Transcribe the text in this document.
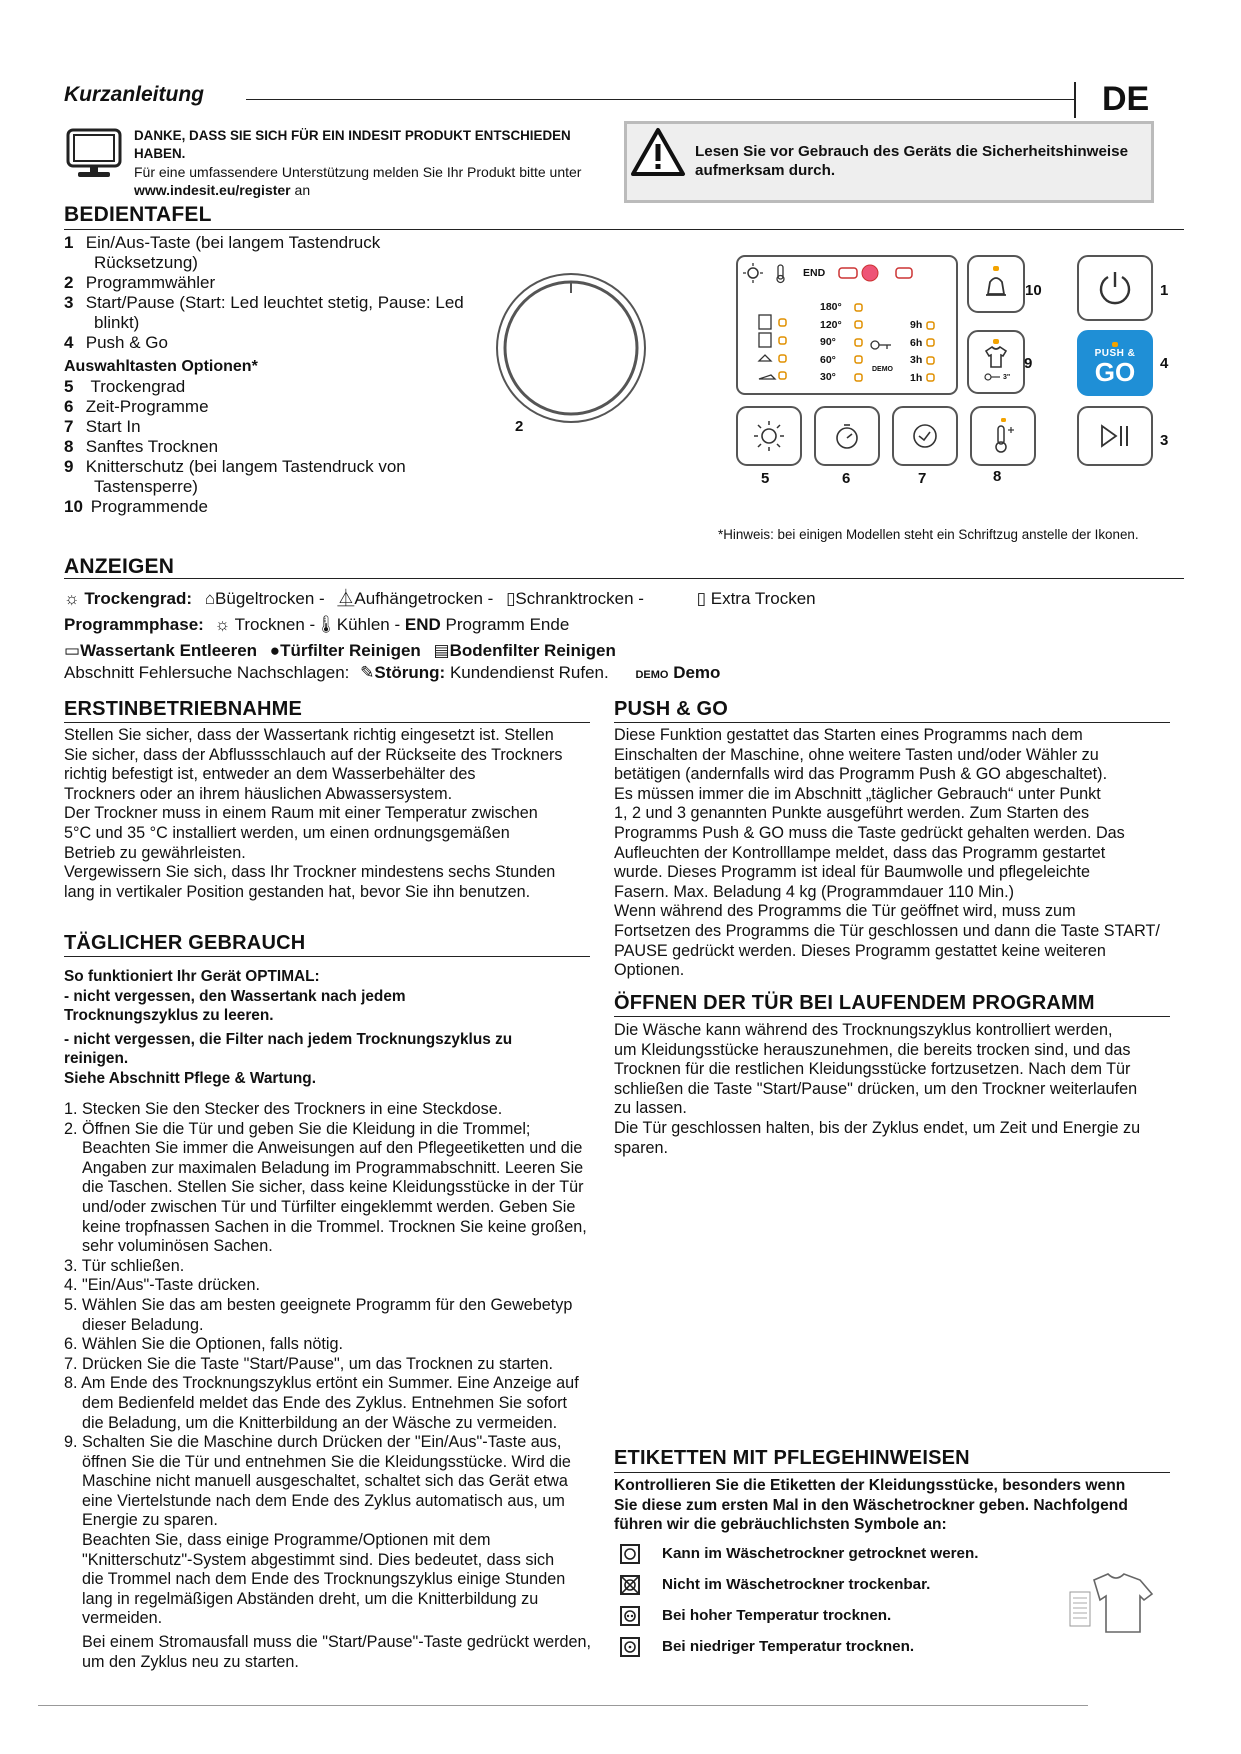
Kurzanleitung	DE
DANKE, DASS SIE SICH FÜR EIN INDESIT PRODUKT ENTSCHIEDEN HABEN.
Für eine umfassendere Unterstützung melden Sie Ihr Produkt bitte unter www.indesit.eu/register an
Lesen Sie vor Gebrauch des Geräts die Sicherheitshinweise aufmerksam durch.
BEDIENTAFEL
1 Ein/Aus-Taste (bei langem Tastendruck
Rücksetzung)
2 Programmwähler
3 Start/Pause (Start: Led leuchtet stetig, Pause: Led
blinkt)
4 Push & Go
Auswahltasten Optionen*
5 Trockengrad
6 Zeit-Programme
7 Start In
8 Sanftes Trocknen
9 Knitterschutz (bei langem Tastendruck von
Tastensperre)
10 Programmende
2
END
180°
120°
90°
60°
30°
DEMO
9h
6h
3h
1h
10	1
3"
9
PUSH &
GO 4
3
5	6	7	8
*Hinweis: bei einigen Modellen steht ein Schriftzug anstelle der Ikonen.
ANZEIGEN
☼ Trockengrad: ⌂Bügeltrocken - ⏅Aufhängetrocken - ▯Schranktrocken -	▯ Extra Trocken
Programmphase: ☼ Trocknen -🌡Kühlen - END Programm Ende
▭Wassertank Entleeren ●Türfilter Reinigen ▤Bodenfilter Reinigen
Abschnitt Fehlersuche Nachschlagen: ✎Störung: Kundendienst Rufen. DEMO Demo
ERSTINBETRIEBNAHME
Stellen Sie sicher, dass der Wassertank richtig eingesetzt ist. Stellen
Sie sicher, dass der Abflussschlauch auf der Rückseite des Trockners
richtig befestigt ist, entweder an dem Wasserbehälter des
Trockners oder an ihrem häuslichen Abwassersystem.
Der Trockner muss in einem Raum mit einer Temperatur zwischen
5°C und 35 °C installiert werden, um einen ordnungsgemäßen
Betrieb zu gewährleisten.
Vergewissern Sie sich, dass Ihr Trockner mindestens sechs Stunden
lang in vertikaler Position gestanden hat, bevor Sie ihn benutzen.
TÄGLICHER GEBRAUCH
So funktioniert Ihr Gerät OPTIMAL:
- nicht vergessen, den Wassertank nach jedem
Trocknungszyklus zu leeren.
- nicht vergessen, die Filter nach jedem Trocknungszyklus zu
reinigen.
Siehe Abschnitt Pflege & Wartung.
1. Stecken Sie den Stecker des Trockners in eine Steckdose.
2. Öffnen Sie die Tür und geben Sie die Kleidung in die Trommel;
Beachten Sie immer die Anweisungen auf den Pflegeetiketten und die
Angaben zur maximalen Beladung im Programmabschnitt. Leeren Sie
die Taschen. Stellen Sie sicher, dass keine Kleidungsstücke in der Tür
und/oder zwischen Tür und Türfilter eingeklemmt werden. Geben Sie
keine tropfnassen Sachen in die Trommel. Trocknen Sie keine großen,
sehr voluminösen Sachen.
3. Tür schließen.
4. "Ein/Aus"-Taste drücken.
5. Wählen Sie das am besten geeignete Programm für den Gewebetyp
dieser Beladung.
6. Wählen Sie die Optionen, falls nötig.
7. Drücken Sie die Taste "Start/Pause", um das Trocknen zu starten.
8. Am Ende des Trocknungszyklus ertönt ein Summer. Eine Anzeige auf
dem Bedienfeld meldet das Ende des Zyklus. Entnehmen Sie sofort
die Beladung, um die Knitterbildung an der Wäsche zu vermeiden.
9. Schalten Sie die Maschine durch Drücken der "Ein/Aus"-Taste aus,
öffnen Sie die Tür und entnehmen Sie die Kleidungsstücke. Wird die
Maschine nicht manuell ausgeschaltet, schaltet sich das Gerät etwa
eine Viertelstunde nach dem Ende des Zyklus automatisch aus, um
Energie zu sparen.
Beachten Sie, dass einige Programme/Optionen mit dem
"Knitterschutz"-System abgestimmt sind. Dies bedeutet, dass sich
die Trommel nach dem Ende des Trocknungszyklus einige Stunden
lang in regelmäßigen Abständen dreht, um die Knitterbildung zu
vermeiden.
Bei einem Stromausfall muss die "Start/Pause"-Taste gedrückt werden,
um den Zyklus neu zu starten.
PUSH & GO
Diese Funktion gestattet das Starten eines Programms nach dem
Einschalten der Maschine, ohne weitere Tasten und/oder Wähler zu
betätigen (andernfalls wird das Programm Push & GO abgeschaltet).
Es müssen immer die im Abschnitt „täglicher Gebrauch“ unter Punkt
1, 2 und 3 genannten Punkte ausgeführt werden. Zum Starten des
Programms Push & GO muss die Taste gedrückt gehalten werden. Das
Aufleuchten der Kontrolllampe meldet, dass das Programm gestartet
wurde. Dieses Programm ist ideal für Baumwolle und pflegeleichte
Fasern. Max. Beladung 4 kg (Programmdauer 110 Min.)
Wenn während des Programms die Tür geöffnet wird, muss zum
Fortsetzen des Programms die Tür geschlossen und dann die Taste START/
PAUSE gedrückt werden. Dieses Programm gestattet keine weiteren
Optionen.
ÖFFNEN DER TÜR BEI LAUFENDEM PROGRAMM
Die Wäsche kann während des Trocknungszyklus kontrolliert werden,
um Kleidungsstücke herauszunehmen, die bereits trocken sind, und das
Trocknen für die restlichen Kleidungsstücke fortzusetzen. Nach dem Tür
schließen die Taste "Start/Pause" drücken, um den Trockner weiterlaufen
zu lassen.
Die Tür geschlossen halten, bis der Zyklus endet, um Zeit und Energie zu
sparen.
ETIKETTEN MIT PFLEGEHINWEISEN
Kontrollieren Sie die Etiketten der Kleidungsstücke, besonders wenn
Sie diese zum ersten Mal in den Wäschetrockner geben. Nachfolgend
führen wir die gebräuchlichsten Symbole an:
Kann im Wäschetrockner getrocknet weren.
Nicht im Wäschetrockner trockenbar.
Bei hoher Temperatur trocknen.
Bei niedriger Temperatur trocknen.
